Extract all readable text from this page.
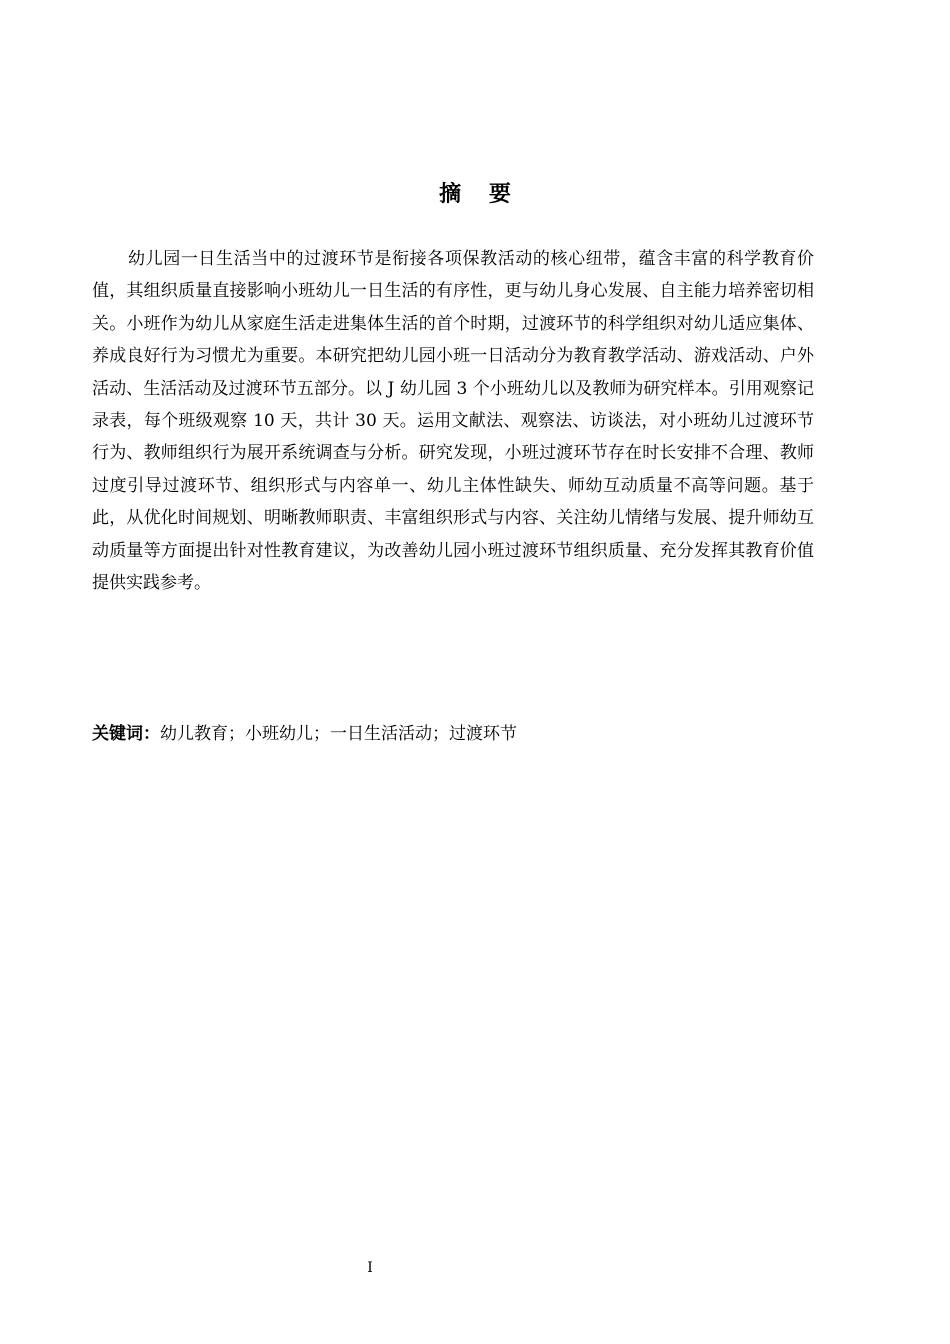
摘 要

幼儿园一日生活当中的过渡环节是衔接各项保教活动的核心纽带，蕴含丰富的科学教育价值，其组织质量直接影响小班幼儿一日生活的有序性，更与幼儿身心发展、自主能力培养密切相关。小班作为幼儿从家庭生活走进集体生活的首个时期，过渡环节的科学组织对幼儿适应集体、养成良好行为习惯尤为重要。本研究把幼儿园小班一日活动分为教育教学活动、游戏活动、户外活动、生活活动及过渡环节五部分。以 J 幼儿园 3 个小班幼儿以及教师为研究样本。引用观察记录表，每个班级观察 10 天，共计 30 天。运用文献法、观察法、访谈法，对小班幼儿过渡环节行为、教师组织行为展开系统调查与分析。研究发现，小班过渡环节存在时长安排不合理、教师过度引导过渡环节、组织形式与内容单一、幼儿主体性缺失、师幼互动质量不高等问题。基于此，从优化时间规划、明晰教师职责、丰富组织形式与内容、关注幼儿情绪与发展、提升师幼互动质量等方面提出针对性教育建议，为改善幼儿园小班过渡环节组织质量、充分发挥其教育价值提供实践参考。

关键词：幼儿教育；小班幼儿；一日生活活动；过渡环节
I
